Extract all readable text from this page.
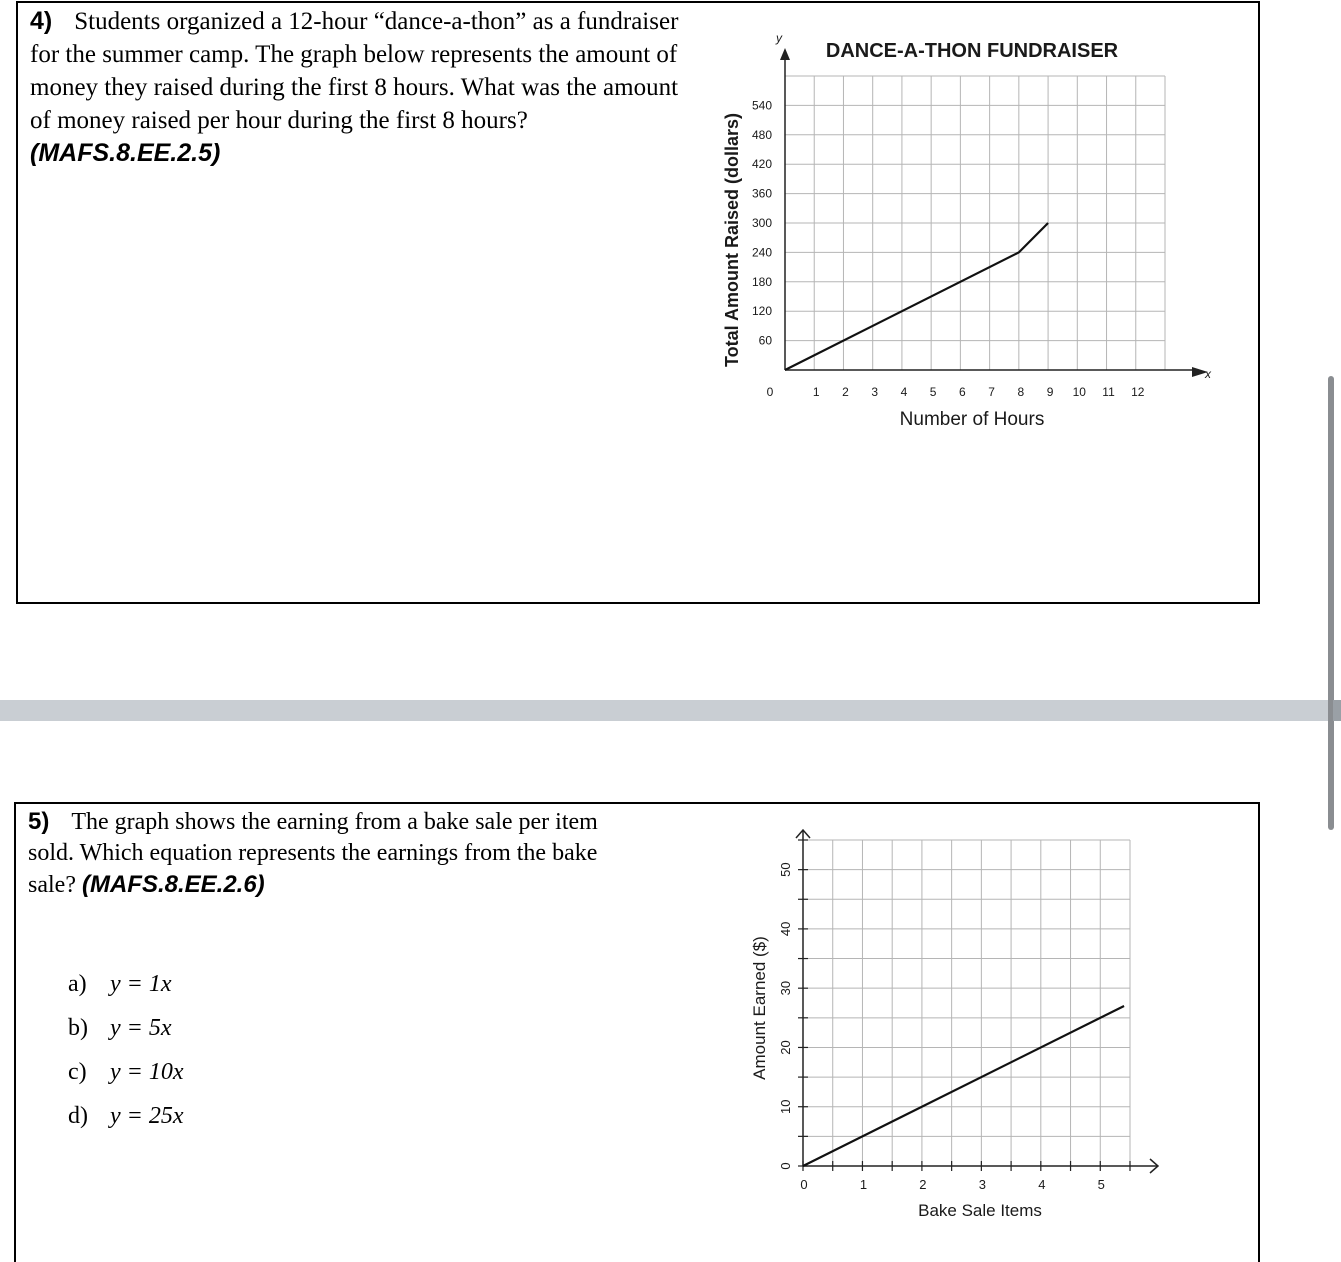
4) Students organized a 12-hour “dance-a-thon” as a fundraiser for the summer camp. The graph below represents the amount of money they raised during the first 8 hours. What was the amount of money raised per hour during the first 8 hours? (MAFS.8.EE.2.5)
60
120
180
240
300
360
420
480
540
1 2 3 4 5 6 7 8 9 10 11 12
DANCE-A-THON FUNDRAISER
Number of Hours
Total Amount Raised (dollars)
x
y
0
5) The graph shows the earning from a bake sale per item sold. Which equation represents the earnings from the bake sale? (MAFS.8.EE.2.6)
a) y = 1x
b) y = 5x
c) y = 10x
d) y = 25x
0
10
20
30
40
50
0	1	2	3	4	5
Bake Sale Items
Amount Earned ($)
